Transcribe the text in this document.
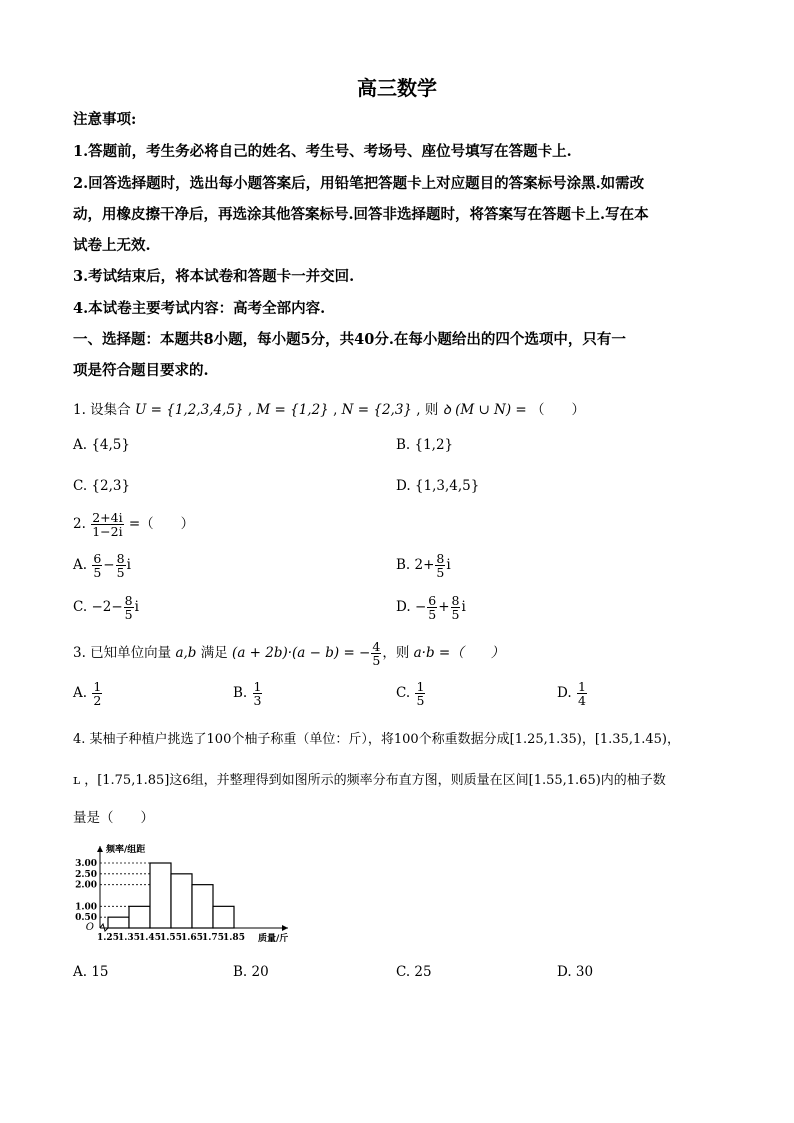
高三数学
注意事项:
1.答题前，考生务必将自己的姓名、考生号、考场号、座位号填写在答题卡上.
2.回答选择题时，选出每小题答案后，用铅笔把答题卡上对应题目的答案标号涂黑.如需改
动，用橡皮擦干净后，再选涂其他答案标号.回答非选择题时，将答案写在答题卡上.写在本
试卷上无效.
3.考试结束后，将本试卷和答题卡一并交回.
4.本试卷主要考试内容：高考全部内容.
一、选择题：本题共8小题，每小题5分，共40分.在每小题给出的四个选项中，只有一
项是符合题目要求的.
1. 设集合 U = {1,2,3,4,5} , M = {1,2} , N = {2,3} , 则 ꝺ (M ∪ N) = （　　）
A. {4,5}	B. {1,2}
C. {2,3}	D. {1,3,4,5}
2. $\frac{2+4i}{1-2i}$ =（　　）
A. $\frac{6}{5} - \frac{8}{5}$ i	B. $2+ \frac{8}{5}$ i
C. $-2- \frac{8}{5}$ i	D. − $\frac{6}{5} + \frac{8}{5}$ i
3. 已知单位向量 a,b 满足 (a + 2b)·(a − b) = − $\frac{4}{5}$ ，则 a·b =（　　）
A. $\frac{1}{2}$	B. $\frac{1}{3}$	C. $\frac{1}{5}$	D. $\frac{1}{4}$
4. 某柚子种植户挑选了100个柚子称重（单位：斤），将100个称重数据分成[1.25,1.35)，[1.35,1.45)，
ʟ ，[1.75,1.85]这6组，并整理得到如图所示的频率分布直方图，则质量在区间[1.55,1.65)内的柚子数
量是（　　）
0.50
1.00
2.00
2.50
3.00
1.25 1.35 1.45 1.55 1.65 1.75 1.85
O
频率/组距
质量/斤
A. 15	B. 20	C. 25	D. 30
